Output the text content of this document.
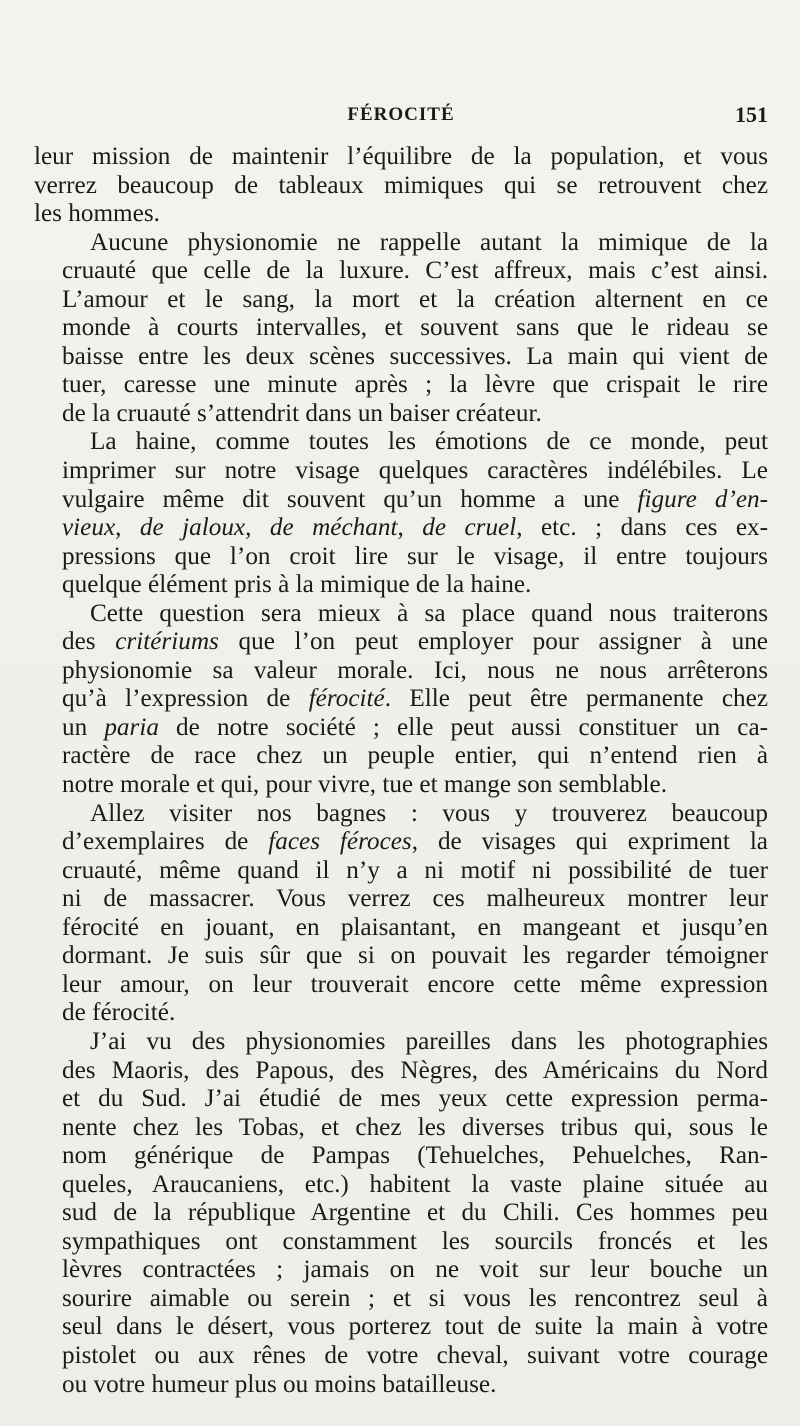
FÉROCITÉ	151
leur mission de maintenir l’équilibre de la population, et vous
verrez beaucoup de tableaux mimiques qui se retrouvent chez
les hommes.
Aucune physionomie ne rappelle autant la mimique de la
cruauté que celle de la luxure. C’est affreux, mais c’est ainsi.
L’amour et le sang, la mort et la création alternent en ce
monde à courts intervalles, et souvent sans que le rideau se
baisse entre les deux scènes successives. La main qui vient de
tuer, caresse une minute après ; la lèvre que crispait le rire
de la cruauté s’attendrit dans un baiser créateur.
La haine, comme toutes les émotions de ce monde, peut
imprimer sur notre visage quelques caractères indélébiles. Le
vulgaire même dit souvent qu’un homme a une figure d’en-
vieux, de jaloux, de méchant, de cruel, etc. ; dans ces ex-
pressions que l’on croit lire sur le visage, il entre toujours
quelque élément pris à la mimique de la haine.
Cette question sera mieux à sa place quand nous traiterons
des critériums que l’on peut employer pour assigner à une
physionomie sa valeur morale. Ici, nous ne nous arrêterons
qu’à l’expression de férocité. Elle peut être permanente chez
un paria de notre société ; elle peut aussi constituer un ca-
ractère de race chez un peuple entier, qui n’entend rien à
notre morale et qui, pour vivre, tue et mange son semblable.
Allez visiter nos bagnes : vous y trouverez beaucoup
d’exemplaires de faces féroces, de visages qui expriment la
cruauté, même quand il n’y a ni motif ni possibilité de tuer
ni de massacrer. Vous verrez ces malheureux montrer leur
férocité en jouant, en plaisantant, en mangeant et jusqu’en
dormant. Je suis sûr que si on pouvait les regarder témoigner
leur amour, on leur trouverait encore cette même expression
de férocité.
J’ai vu des physionomies pareilles dans les photographies
des Maoris, des Papous, des Nègres, des Américains du Nord
et du Sud. J’ai étudié de mes yeux cette expression perma-
nente chez les Tobas, et chez les diverses tribus qui, sous le
nom générique de Pampas (Tehuelches, Pehuelches, Ran-
queles, Araucaniens, etc.) habitent la vaste plaine située au
sud de la république Argentine et du Chili. Ces hommes peu
sympathiques ont constamment les sourcils froncés et les
lèvres contractées ; jamais on ne voit sur leur bouche un
sourire aimable ou serein ; et si vous les rencontrez seul à
seul dans le désert, vous porterez tout de suite la main à votre
pistolet ou aux rênes de votre cheval, suivant votre courage
ou votre humeur plus ou moins batailleuse.
